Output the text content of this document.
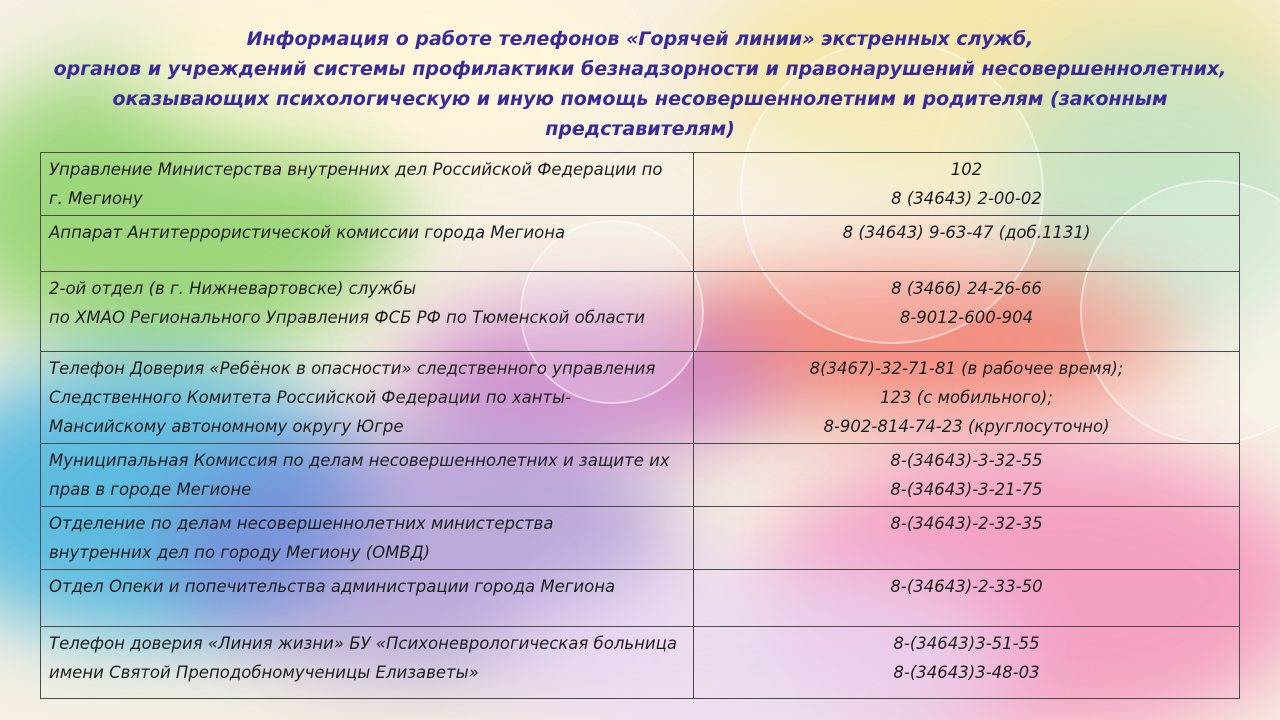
Информация о работе телефонов «Горячей линии» экстренных служб,
органов и учреждений системы профилактики безнадзорности и правонарушений несовершеннолетних,
оказывающих психологическую и иную помощь несовершеннолетним и родителям (законным
представителям)
Управление Министерства внутренних дел Российской Федерации по
г. Мегиону	102
8 (34643) 2-00-02

Аппарат Антитеррористической комиссии города Мегиона	8 (34643) 9-63-47 (доб.1131)

2-ой отдел (в г. Нижневартовске) службы
по ХМАО Регионального Управления ФСБ РФ по Тюменской области	8 (3466) 24-26-66
8-9012-600-904

Телефон Доверия «Ребёнок в опасности» следственного управления
Следственного Комитета Российской Федерации по ханты-
Мансийскому автономному округу Югре	8(3467)-32-71-81 (в рабочее время);
123 (с мобильного);
8-902-814-74-23 (круглосуточно)

Муниципальная Комиссия по делам несовершеннолетних и защите их
прав в городе Мегионе	8-(34643)-3-32-55
8-(34643)-3-21-75

Отделение по делам несовершеннолетних министерства
внутренних дел по городу Мегиону (ОМВД)	8-(34643)-2-32-35

Отдел Опеки и попечительства администрации города Мегиона	8-(34643)-2-33-50

Телефон доверия «Линия жизни» БУ «Психоневрологическая больница
имени Святой Преподобномученицы Елизаветы»	8-(34643)3-51-55
8-(34643)3-48-03
